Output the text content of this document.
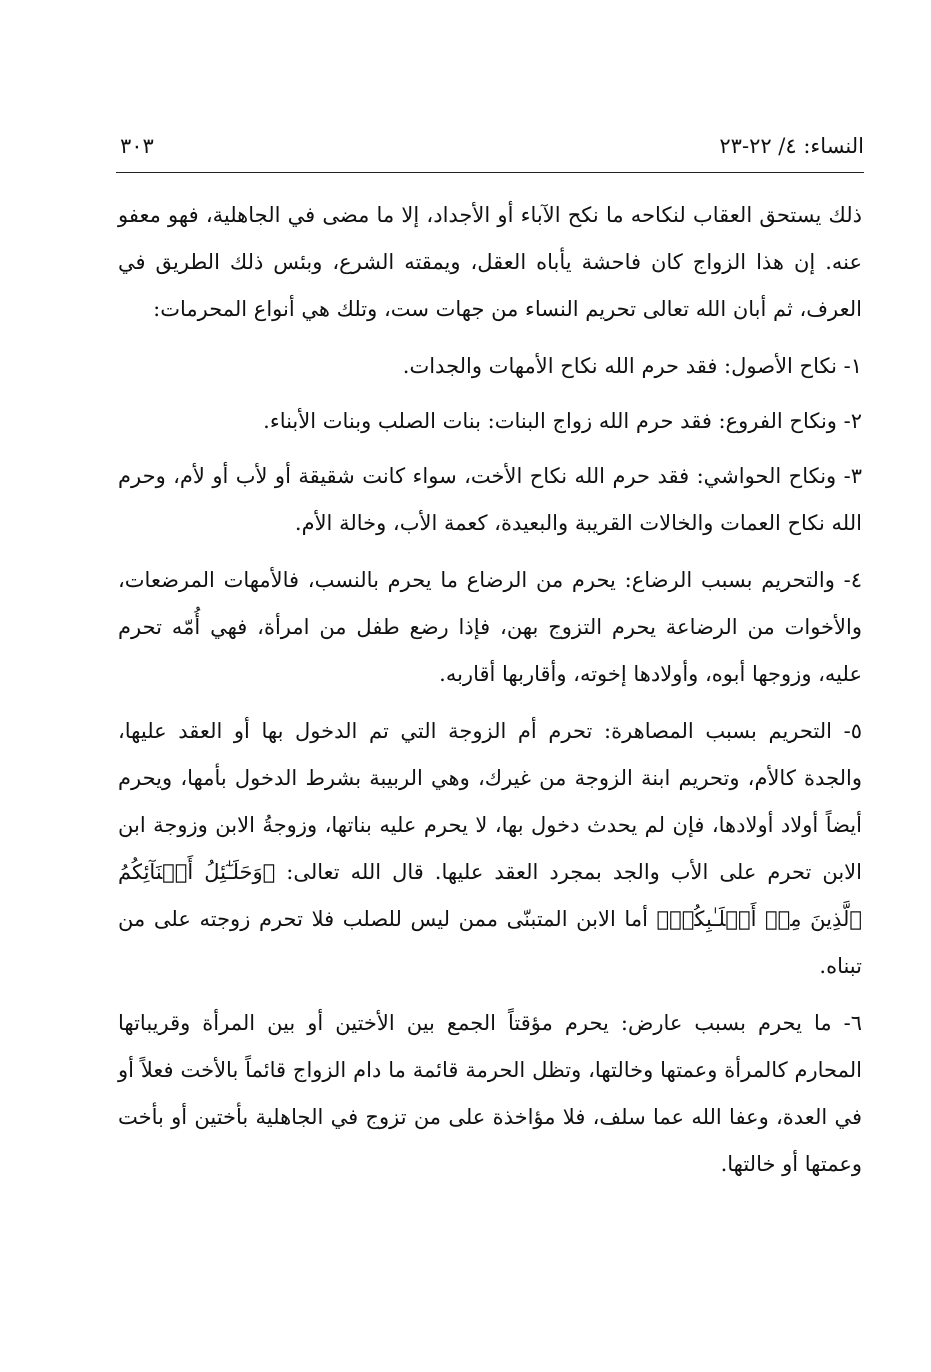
النساء: ٤/ ٢٢-٢٣
٣٠٣

ذلك يستحق العقاب لنكاحه ما نكح الآباء أو الأجداد، إلا ما مضى في الجاهلية، فهو معفو عنه. إن هذا الزواج كان فاحشة يأباه العقل، ويمقته الشرع، وبئس ذلك الطريق في العرف، ثم أبان الله تعالى تحريم النساء من جهات ست، وتلك هي أنواع المحرمات:

١- نكاح الأصول: فقد حرم الله نكاح الأمهات والجدات.

٢- ونكاح الفروع: فقد حرم الله زواج البنات: بنات الصلب وبنات الأبناء.

٣- ونكاح الحواشي: فقد حرم الله نكاح الأخت، سواء كانت شقيقة أو لأب أو لأم، وحرم الله نكاح العمات والخالات القريبة والبعيدة، كعمة الأب، وخالة الأم.

٤- والتحريم بسبب الرضاع: يحرم من الرضاع ما يحرم بالنسب، فالأمهات المرضعات، والأخوات من الرضاعة يحرم التزوج بهن، فإذا رضع طفل من امرأة، فهي أُمّه تحرم عليه، وزوجها أبوه، وأولادها إخوته، وأقاربها أقاربه.

٥- التحريم بسبب المصاهرة: تحرم أم الزوجة التي تم الدخول بها أو العقد عليها، والجدة كالأم، وتحريم ابنة الزوجة من غيرك، وهي الربيبة بشرط الدخول بأمها، ويحرم أيضاً أولاد أولادها، فإن لم يحدث دخول بها، لا يحرم عليه بناتها، وزوجةُ الابن وزوجة ابن الابن تحرم على الأب والجد بمجرد العقد عليها. قال الله تعالى: ﴿وَحَلَـٰٓئِلُ أَبۡنَآئِكُمُ ٱلَّذِينَ مِنۡ أَصۡلَـٰبِكُمۡ﴾ أما الابن المتبنّى ممن ليس للصلب فلا تحرم زوجته على من تبناه.

٦- ما يحرم بسبب عارض: يحرم مؤقتاً الجمع بين الأختين أو بين المرأة وقريباتها المحارم كالمرأة وعمتها وخالتها، وتظل الحرمة قائمة ما دام الزواج قائماً بالأخت فعلاً أو في العدة، وعفا الله عما سلف، فلا مؤاخذة على من تزوج في الجاهلية بأختين أو بأخت وعمتها أو خالتها.
